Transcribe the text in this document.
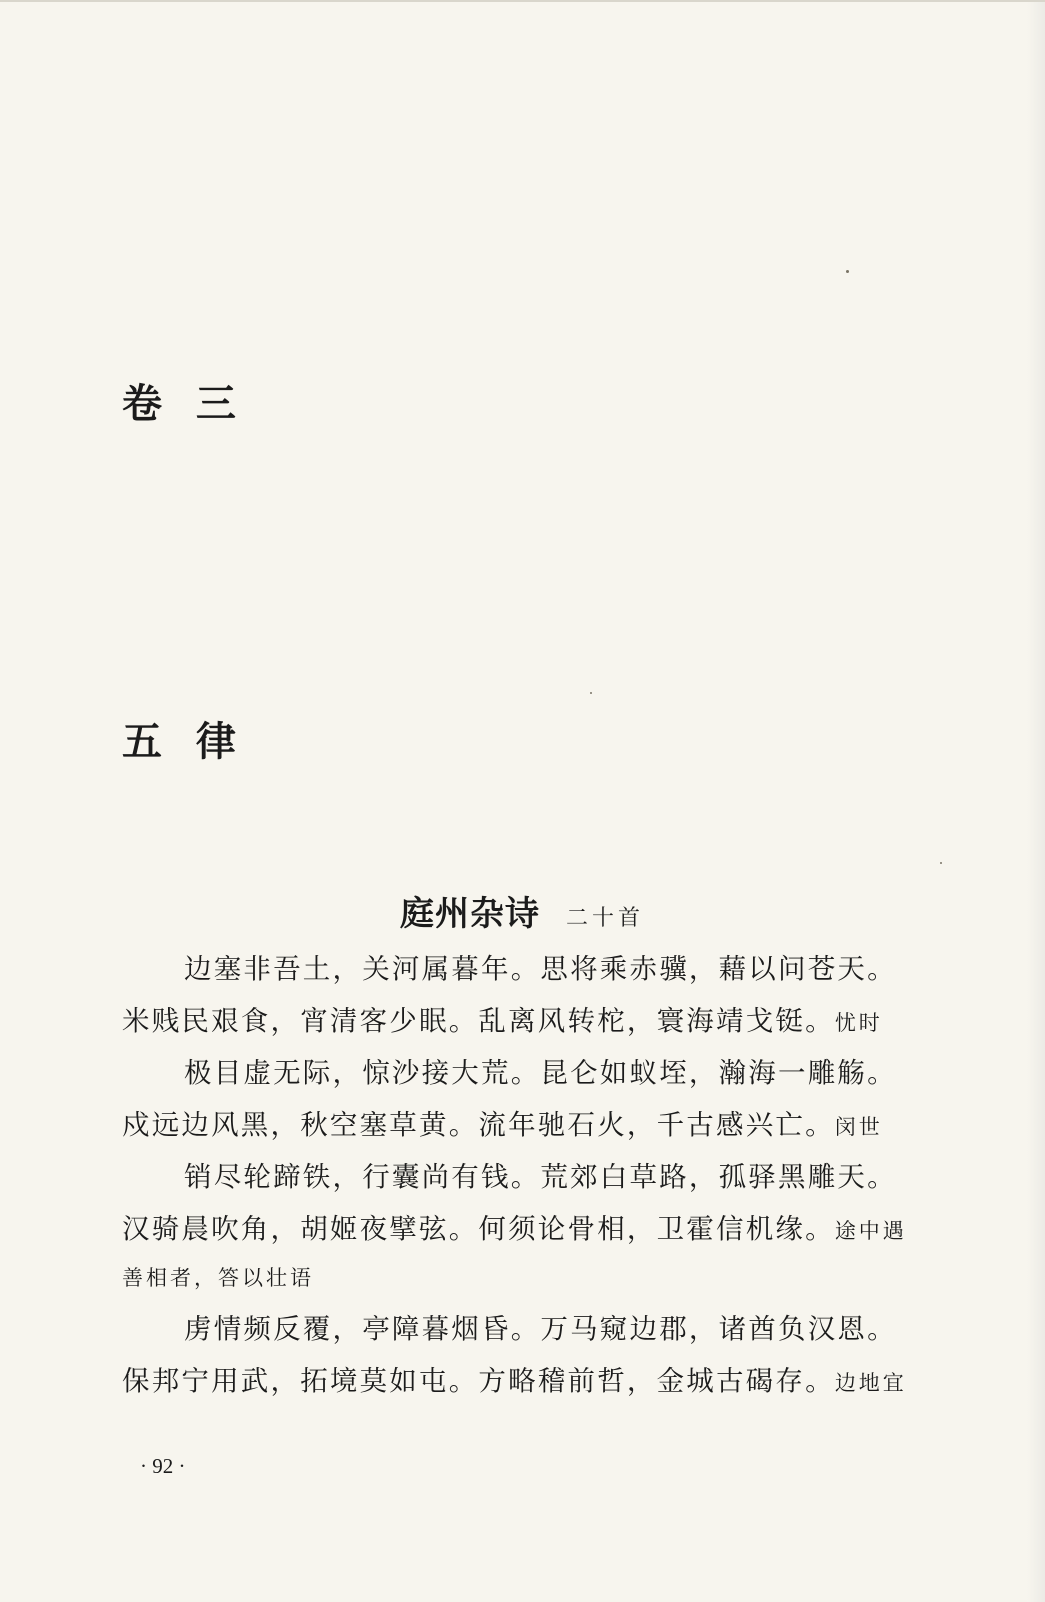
卷  三
五  律
庭州杂诗 二十首
边塞非吾土，关河属暮年。思将乘赤骥，藉以问苍天。
米贱民艰食，宵清客少眠。乱离风转柁，寰海靖戈铤。忧时
极目虚无际，惊沙接大荒。昆仑如蚁垤，瀚海一雕觞。
戍远边风黑，秋空塞草黄。流年驰石火，千古感兴亡。闵世
销尽轮蹄铁，行囊尚有钱。荒郊白草路，孤驿黑雕天。
汉骑晨吹角，胡姬夜擘弦。何须论骨相，卫霍信机缘。途中遇
善相者，答以壮语
虏情频反覆，亭障暮烟昏。万马窥边郡，诸酋负汉恩。
保邦宁用武，拓境莫如屯。方略稽前哲，金城古碣存。边地宜
· 92 ·
